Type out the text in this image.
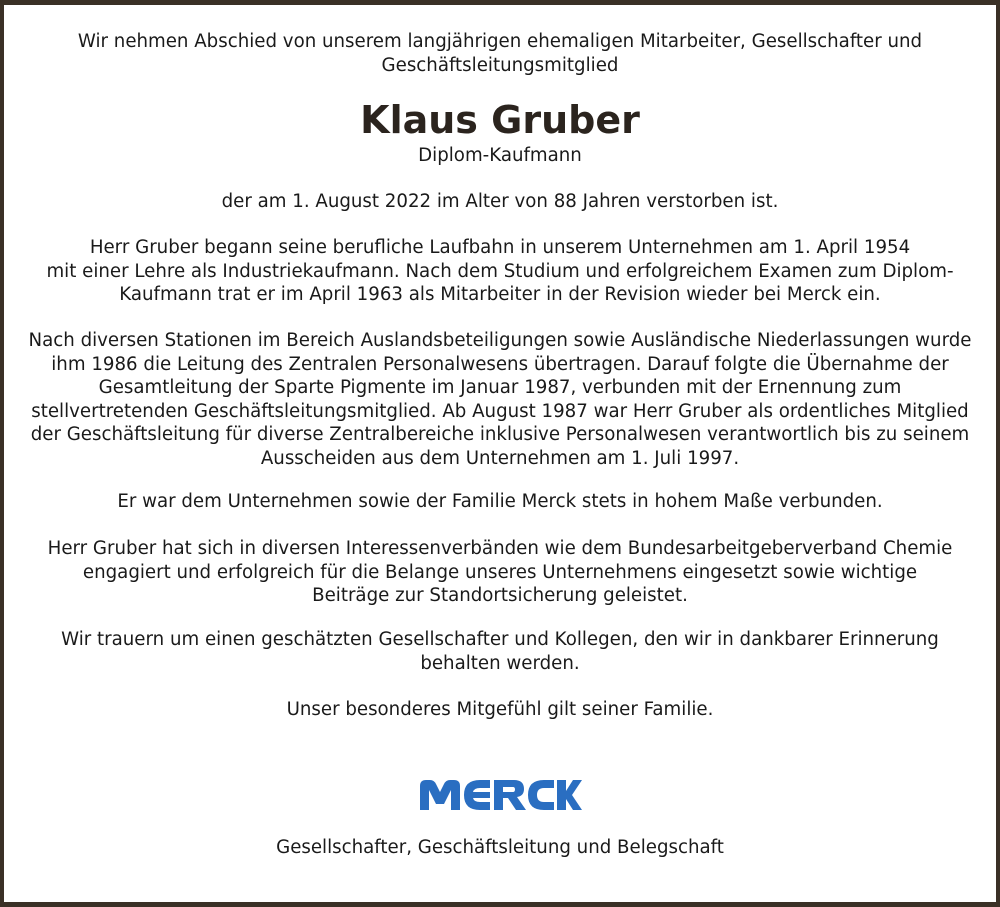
Wir nehmen Abschied von unserem langjährigen ehemaligen Mitarbeiter, Gesellschafter und
Geschäftsleitungsmitglied
Klaus Gruber
Diplom-Kaufmann
der am 1. August 2022 im Alter von 88 Jahren verstorben ist.
Herr Gruber begann seine berufliche Laufbahn in unserem Unternehmen am 1. April 1954
mit einer Lehre als Industriekaufmann. Nach dem Studium und erfolgreichem Examen zum Diplom-
Kaufmann trat er im April 1963 als Mitarbeiter in der Revision wieder bei Merck ein.
Nach diversen Stationen im Bereich Auslandsbeteiligungen sowie Ausländische Niederlassungen wurde
ihm 1986 die Leitung des Zentralen Personalwesens übertragen. Darauf folgte die Übernahme der
Gesamtleitung der Sparte Pigmente im Januar 1987, verbunden mit der Ernennung zum
stellvertretenden Geschäftsleitungsmitglied. Ab August 1987 war Herr Gruber als ordentliches Mitglied
der Geschäftsleitung für diverse Zentralbereiche inklusive Personalwesen verantwortlich bis zu seinem
Ausscheiden aus dem Unternehmen am 1. Juli 1997.
Er war dem Unternehmen sowie der Familie Merck stets in hohem Maße verbunden.
Herr Gruber hat sich in diversen Interessenverbänden wie dem Bundesarbeitgeberverband Chemie
engagiert und erfolgreich für die Belange unseres Unternehmens eingesetzt sowie wichtige
Beiträge zur Standortsicherung geleistet.
Wir trauern um einen geschätzten Gesellschafter und Kollegen, den wir in dankbarer Erinnerung
behalten werden.
Unser besonderes Mitgefühl gilt seiner Familie.
Gesellschafter, Geschäftsleitung und Belegschaft
